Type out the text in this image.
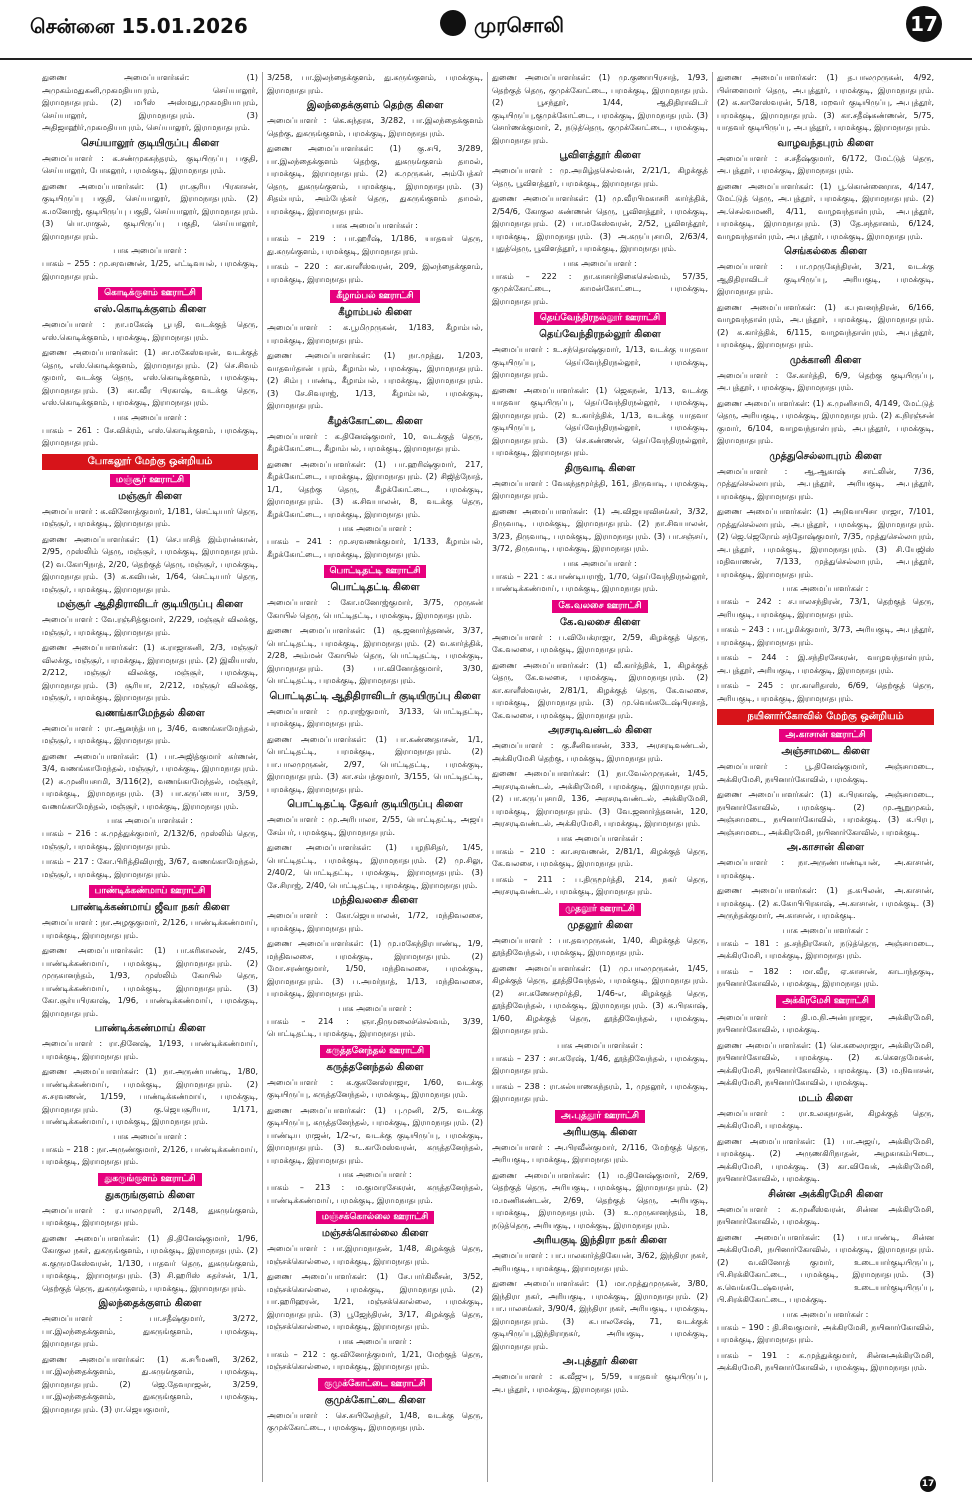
சென்னை 15.01.2026	முரசொலி	17

துணை அமைப்பாளர்கள்: (1) அமுகம்மதுகனி,முகமதியாபுரம், செய்யாலூர், இராமநாதபுரம். (2) மபீஸ் அஸ்மது,முகமதியாபுரம், செய்யாலூர், இராமநாதபுரம். (3) அதிஜாஹிர்,முகமதியாபுரம், செய்யாலூர், இராமநாதபுரம்.

செய்யாலூர் குடியிருப்பு கிளை

அமைப்பாளர் : க.சண்முகசுந்தரம், குடியிருப்பு பகுதி, செய்யாலூர், போகலூர், பரமக்குடி, இராமநாதபுரம்.

துணை அமைப்பாளர்கள்: (1) ரா.சூரிய பிரகாசன், குடியிருப்பு பகுதி, செய்யாலூர், இராமநாதபுரம். (2) க.மனோஜ், குடியிருப்பு பகுதி, செய்யாலூர், இராமநாதபுரம். (3) பொ.ராகுல், குடியிருப்பு பகுதி, செய்யாலூர், இராமநாதபுரம்.

பாக அமைப்பாளர் :

பாகம் – 255 : மு.சரவணன், 1/25, எட்டிவயல், பரமக்குடி, இராமநாதபுரம்.

கொடிக்குளம் ஊராட்சி
எஸ்.கொடிக்குளம் கிளை

அமைப்பாளர் : நா.மகேஷ் பூபதி, வடக்குத் தெரு, எஸ்.கொடிக்குளம், பரமக்குடி, இராமநாதபுரம்.

துணை அமைப்பாளர்கள்: (1) சா.மகேஸ்வரன், வடக்குத் தெரு, எஸ்.கொடிக்குளம், இராமநாதபுரம். (2) செ.சிவம் குமார், வடக்கு தெரு, எஸ்.கொடிக்குளம், பரமக்குடி, இராமநாதபுரம். (3) கா.வீர பிரகாஷ், வடக்கு தெரு, எஸ்.கொடிக்குளம், பரமக்குடி, இராமநாதபுரம்.

பாக அமைப்பாளர் :

பாகம் – 261 : சே.விக்ரம், எஸ்.கொடிக்குளம், பரமக்குடி, இராமநாதபுரம்.

போகலூர் மேற்கு ஒன்றியம்
மஞ்சூர் ஊராட்சி
மஞ்சூர் கிளை

அமைப்பாளர் : க.வினோத்குமார், 1/181, செட்டியார் தெரு, மஞ்சூர், பரமக்குடி, இராமநாதபுரம்.

துணை அமைப்பாளர்கள்: (1) செ.பாசித் இம்ரான்கான், 2/95, முஸ்லிம் தெரு, மஞ்சூர், பரமக்குடி, இராமநாதபுரம். (2) வ.கோபிநாத், 2/20, தெற்குத் தெரு, மஞ்சூர், பரமக்குடி, இராமநாதபுரம். (3) க.கவியன், 1/64, செட்டியார் தெரு, மஞ்சூர், பரமக்குடி, இராமநாதபுரம்.

மஞ்சூர் ஆதிதிராவிடர் குடியிருப்பு கிளை

அமைப்பாளர் : வே.ரஞ்சித்குமார், 2/229, மஞ்சூர் விலக்கு, மஞ்சூர், பரமக்குடி, இராமநாதபுரம்.

துணை அமைப்பாளர்கள்: (1) க.ராஜாகனி, 2/3, மஞ்சூர் விலக்கு, மஞ்சூர், பரமக்குடி, இராமநாதபுரம். (2) இலியாஸ், 2/212, மஞ்சூர் விலக்கு, மஞ்சூர், பரமக்குடி, இராமநாதபுரம். (3) சூரியா, 2/212, மஞ்சூர் விலக்கு, மஞ்சூர், பரமக்குடி, இராமநாதபுரம்.

வணங்காமேந்தல் கிளை

அமைப்பாளர் : ரா.ஆனந்த்பாபு, 3/46, வணங்காமேந்தல், மஞ்சூர், பரமக்குடி, இராமநாதபுரம்.

துணை அமைப்பாளர்கள்: (1) பா.அஜித்குமார் கர்ணன், 3/4, வணங்காமேந்தல், மஞ்சூர், பரமக்குடி, இராமநாதபுரம். (2) சு.முனியசாமி, 3/116(2), வணங்காமேந்தல், மஞ்சூர், பரமக்குடி, இராமநாதபுரம். (3) பா.கருப்பையா, 3/59, வணங்காமேந்தல், மஞ்சூர், பரமக்குடி, இராமநாதபுரம்.

பாக அமைப்பாளர்கள் :

பாகம் – 216 : க.முத்துக்குமார், 2/132/6, முஸ்லிம் தெரு, மஞ்சூர், பரமக்குடி, இராமநாதபுரம்.

பாகம் – 217 : கோ.பிரித்திவிராஜ், 3/67, வணங்காமேந்தல், மஞ்சூர், பரமக்குடி, இராமநாதபுரம்.

பாண்டிக்கண்மாய் ஊராட்சி
பாண்டிக்கண்மாய் ஜீவா நகர் கிளை

அமைப்பாளர் : நா.அழகுகுமார், 2/126, பாண்டிக்கண்மாய், பரமக்குடி, இராமநாதபுரம்.

துணை அமைப்பாளர்கள்: (1) பா.கரிகாலன், 2/45, பாண்டிக்கண்மாய், பரமக்குடி, இராமநாதபுரம். (2) முருகானந்தம், 1/93, முஸ்லிம் கோயில் தெரு, பாண்டிக்கண்மாய், பரமக்குடி, இராமநாதபுரம். (3) கோ.சூர்யபிரகாஷ், 1/96, பாண்டிக்கண்மாய், பரமக்குடி, இராமநாதபுரம்.

பாண்டிக்கண்மாய் கிளை

அமைப்பாளர் : ரா.தினேஷ், 1/193, பாண்டிக்கண்மாய், பரமக்குடி, இராமநாதபுரம்.

துணை அமைப்பாளர்கள்: (1) நா.அருண்பாண்டி, 1/80, பாண்டிக்கண்மாய், பரமக்குடி, இராமநாதபுரம். (2) சு.சரவணன், 1/159, பாண்டிக்கண்மாய், பரமக்குடி, இராமநாதபுரம். (3) கு.ஜெயசூரியா, 1/171, பாண்டிக்கண்மாய், பரமக்குடி, இராமநாதபுரம்.

பாக அமைப்பாளர் :

பாகம் – 218 : நா.அருண்குமார், 2/126, பாண்டிக்கண்மாய், பரமக்குடி, இராமநாதபுரம்.

துகருங்குளம் ஊராட்சி
துகருங்குளம் கிளை

அமைப்பாளர் : ர.பாலமுரளி, 2/148, துகருங்குளம், பரமக்குடி, இராமநாதபுரம்.

துணை அமைப்பாளர்கள்: (1) தி.தினேஷ்குமார், 1/96, கோகுல நகர், துகருங்குளம், பரமக்குடி, இராமநாதபுரம். (2) க.குருமகேஸ்வரன், 1/130, பாதவர் தெரு, துகருங்குளம், பரமக்குடி, இராமநாதபுரம். (3) சி.ஹரிஸ் சுதர்சன், 1/1, தெற்குத் தெரு, துகருங்குளம், பரமக்குடி, இராமநாதபுரம்.

இலந்தைக்குளம் கிளை

அமைப்பாளர் : பா.சதீஷ்குமார், 3/272, பா.இலந்தைக்குளம், துகருங்குளம், பரமக்குடி, இராமநாதபுரம்.

துணை அமைப்பாளர்கள்: (1) க.சபீமணி, 3/262, பா.இலந்தைக்குளம், து.கருங்குளம், பரமக்குடி, இராமநாதபுரம். (2) ஜெ.தேவராஜன், 3/259, பா.இலந்தைக்குளம், துகருங்குளம், பரமக்குடி, இராமநாதபுரம். (3) ரா.ஜெயகுமார்,

3/258, பா.இலந்தைக்குளம், து.கருங்குளம், பரமக்குடி, இராமநாதபுரம்.

இலந்தைக்குளம் தெற்கு கிளை

அமைப்பாளர் : கெ.சுந்தரக, 3/282, பா.இலந்தைக்குளம் தெற்கு, துகருங்குளம், பரமக்குடி, இராமநாதபுரம்.

துணை அமைப்பாளர்கள்: (1) கு.சபி, 3/289, பா.இலந்தைக்குளம் தெற்கு, துகருங்குளம் தாமல், பரமக்குடி, இராமநாதபுரம். (2) க.முருகன், அம்பேத்கர் தெரு, துகருங்குளம், பரமக்குடி, இராமநாதபுரம். (3) சிதம்பரம், அம்பேத்கர் தெரு, துகருங்குளம் தாமல், பரமக்குடி, இராமநாதபுரம்.

பாக அமைப்பாளர்கள் :

பாகம் – 219 : பா.ஹரீஷ், 1/186, யாதவர் தெரு, து.கருங்குளம், பரமக்குடி, இராமநாதபுரம்.

பாகம் – 220 : கா.காளீஸ்வரன், 209, இலந்தைக்குளம், பரமக்குடி, இராமநாதபுரம்.

கீழாம்பல் ஊராட்சி
கீழாம்பல் கிளை

அமைப்பாளர் : க.பூமிமுருகன், 1/183, கீழாம்பல், பரமக்குடி, இராமநாதபுரம்.

துணை அமைப்பாளர்கள்: (1) நா.முத்து, 1/203, வாதவர்தான் புரம், கீழாம்பல், பரமக்குடி, இராமநாதபுரம். (2) சிம்பு பாண்டி, கீழாம்பல், பரமக்குடி, இராமநாதபுரம். (3) சே.சிவராஜ், 1/13, கீழாம்பல், பரமக்குடி, இராமநாதபுரம்.

கீழக்கோட்டை கிளை

அமைப்பாளர் : க.தினேஷ்குமார், 10, வடக்குத் தெரு, கீழக்கோட்டை, கீழாம்பல், பரமக்குடி, இராமநாதபுரம்.

துணை அமைப்பாளர்கள்: (1) பா.ஹரிஷ்குமார், 217, கீழக்கோட்டை, பரமக்குடி, இராமநாதபுரம். (2) சிஜித்நோத், 1/1, தெற்கு தெரு, கீழக்கோட்டை, பரமக்குடி, இராமநாதபுரம். (3) க.சிவபாலன், 8, வடக்கு தெரு, கீழக்கோட்டை, பரமக்குடி, இராமநாதபுரம்.

பாக அமைப்பாளர் :

பாகம் – 241 : மு.சரவணக்குமார், 1/133, கீழாம்பல், கீழக்கோட்டை, பரமக்குடி, இராமநாதபுரம்.

பொட்டிதட்டி ஊராட்சி
பொட்டிதட்டி கிளை

அமைப்பாளர் : கோ.மனோஜ்குமார், 3/75, முருகன் கோயில் தெரு, பொட்டிதட்டி, பரமக்குடி, இராமநாதபுரம்.

துணை அமைப்பாளர்கள்: (1) சூ.ஜனார்த்தனன், 3/37, பொட்டிதட்டி, பரமக்குடி, இராமநாதபுரம். (2) வ.கார்த்திக், 2/28, அம்மன் கோயில் தெரு, பொட்டிதட்டி, பரமக்குடி, இராமநாதபுரம். (3) பா.வினோத்குமார், 3/30, பொட்டிதட்டி, பரமக்குடி, இராமநாதபுரம்.

பொட்டிதட்டி ஆதிதிராவிடர் குடியிருப்பு கிளை

அமைப்பாளர் : மு.ராஜ்குமார், 3/133, பொட்டிதட்டி, பரமக்குடி, இராமநாதபுரம்.

துணை அமைப்பாளர்கள்: (1) பா.கண்ணதாசன், 1/1, பொட்டிதட்டி, பரமக்குடி, இராமநாதபுரம். (2) பா.பாலமுருகன், 2/97, பொட்டிதட்டி, பரமக்குடி, இராமநாதபுரம். (3) கா.சம்பத்குமார், 3/155, பொட்டிதட்டி, பரமக்குடி, இராமநாதபுரம்.

பொட்டிதட்டி தேவர் குடியிருப்பு கிளை

அமைப்பாளர் : மு.அரிபாலா, 2/55, பொட்டிதட்டி, அஜய் சேம்பர், பரமக்குடி, இராமநாதபுரம்.

துணை அமைப்பாளர்கள்: (1) பழநிசிதர், 1/45, பொட்டிதட்டி, பரமக்குடி, இராமநாதபுரம். (2) மு.சிலு, 2/40/2, பொட்டிதட்டி, பரமக்குடி, இராமநாதபுரம். (3) சே.சிராஜ், 2/40, பொட்டிதட்டி, பரமக்குடி, இராமநாதபுரம்.

மந்திவலசை கிளை

அமைப்பாளர் : கோ.ஜெயபாலன், 1/72, மந்திவலசை, பரமக்குடி, இராமநாதபுரம்.

துணை அமைப்பாளர்கள்: (1) மு.மகேந்திரபாண்டி, 1/9, மந்திவலசை, பரமக்குடி, இராமநாதபுரம். (2) மோ.சரண்குமார், 1/50, மந்திவலசை, பரமக்குடி, இராமநாதபுரம். (3) ப.அமர்நாத், 1/13, மந்திவலசை, பரமக்குடி, இராமநாதபுரம்.

பாக அமைப்பாளர் :

பாகம் – 214 : ஞா.திருமலைச்செல்வம், 3/39, பொட்டிதட்டி, பரமக்குடி, இராமநாதபுரம்.

கருத்தனேந்தல் ஊராட்சி
கருத்தனேந்தல் கிளை

அமைப்பாளர் : க.குகனேஸ்ராஜா, 1/60, வடக்கு குடியிருப்பு, கருத்தனேந்தல், பரமக்குடி, இராமநாதபுரம்.

துணை அமைப்பாளர்கள்: (1) பு.முனி, 2/5, வடக்கு குடியிருப்பு, கருத்தனேந்தல், பரமக்குடி, இராமநாதபுரம். (2) பாண்டிய ராஜன், 1/2-எ, வடக்கு குடியிருப்பு, பரமக்குடி, இராமநாதபுரம். (3) உ.காமேஸ்வரன், கருத்தனேந்தல், பரமக்குடி, இராமநாதபுரம்.

பாக அமைப்பாளர் :

பாகம் – 213 : ம.குமாரசேகரன், கருத்தனேந்தல், பாண்டிக்கண்மாய், பரமக்குடி, இராமநாதபுரம்.

மஞ்சக்கொல்லை ஊராட்சி
மஞ்சக்கொல்லை கிளை

அமைப்பாளர் : பா.இராமநாதன், 1/48, கிழக்குத் தெரு, மஞ்சக்கொல்லை, பரமக்குடி, இராமநாதபுரம்.

துணை அமைப்பாளர்கள்: (1) சே.பார்கிலீசன், 3/52, மஞ்சக்கொல்லை, பரமக்குடி, இராமநாதபுரம். (2) பா.ஹரிஹரன், 1/21, மஞ்சக்கொல்லை, பரமக்குடி, இராமநாதபுரம். (3) பூஜேந்திரன், 3/17, கிழக்குத் தெரு, மஞ்சக்கொல்லை, பரமக்குடி, இராமநாதபுரம்.

பாக அமைப்பாளர் :

பாகம் – 212 : கு.வினோத்குமார், 1/21, மேற்குத் தெரு, மஞ்சக்கொல்லை, பரமக்குடி, இராமநாதபுரம்.

குமுக்கோட்டை ஊராட்சி
குமுக்கோட்டை கிளை

அமைப்பாளர் : செ.சுயிலேந்தர், 1/48, வடக்கு தெரு, குமுக்கோட்டை, பரமக்குடி, இராமநாதபுரம்.

துணை அமைப்பாளர்கள்: (1) மு.குணாபிரசாத், 1/93, தெற்குத் தெரு, குமுக்கோட்டை, பரமக்குடி, இராமநாதபுரம். (2) பூசந்தூர், 1/44, ஆதிதிராவிடர் குடியிருப்பு,குமுக்கோட்டை, பரமக்குடி, இராமநாதபுரம். (3) சொர்ணக்குமார், 2, நடுத்தெரு, குமுக்கோட்டை, பரமக்குடி, இராமநாதபுரம்.

பூவிளத்தூர் கிளை

அமைப்பாளர் : மு.அமிழ்தசெல்வன், 2/21/1, கிழக்குத் தெரு, பூவிளத்தூர், பரமக்குடி, இராமநாதபுரம்.

துணை அமைப்பாளர்கள்: (1) மு.வீரபிமகாசரி கார்த்திக், 2/54/6, கோகுல கண்ணன் தெரு, பூவிளத்தூர், பரமக்குடி, இராமநாதபுரம். (2) பா.மகேஸ்வரன், 2/52, பூவிளத்தூர், பரமக்குடி, இராமநாதபுரம். (3) அ.கருப்புசாமி, 2/63/4, புதுத்தெரு, பூவிளத்தூர், பரமக்குடி, இராமநாதபுரம்.

பாக அமைப்பாளர் :

பாகம் – 222 : நா.காசார்திகைசெல்வம், 57/35, குமுக்கோட்டை, காமன்கோட்டை, பரமக்குடி, இராமநாதபுரம்.

தெய்வேந்திரநல்லூர் ஊராட்சி
தெய்வேந்திரநல்லூர் கிளை

அமைப்பாளர் : உ.சந்தொஷ்குமார், 1/13, வடக்கு யாதவா குடியிருப்பு, தெய்வேந்திரநல்லூர், பரமக்குடி, இராமநாதபுரம்.

துணை அமைப்பாளர்கள்: (1) ஜெகநன், 1/13, வடக்கு யாதவா குடியிருப்பு, தெய்வேந்திரநல்லூர், பரமக்குடி, இராமநாதபுரம். (2) உ.கார்த்திக், 1/13, வடக்கு யாதவா குடியிருப்பு, தெய்வேந்திரநல்லூர், பரமக்குடி, இராமநாதபுரம். (3) செ.கண்ணன், தெய்வேந்திரநல்லூர், பரமக்குடி, இராமநாதபுரம்.

திருவாடி கிளை

அமைப்பாளர் : வேகந்தமூர்த்தி, 161, திருவாடி, பரமக்குடி, இராமநாதபுரம்.

துணை அமைப்பாளர்கள்: (1) அ.விஜயரவிசங்கர், 3/32, திருவாடி, பரமக்குடி, இராமநாதபுரம். (2) நா.சிவபாலன், 3/23, திருவாடி, பரமக்குடி, இராமநாதபுரம். (3) பா.சஞ்சய், 3/72, திருவாடி, பரமக்குடி, இராமநாதபுரம்.

பாக அமைப்பாளர் :

பாகம் – 221 : க.பாண்டியராஜ், 1/70, தெய்வேந்திரநல்லூர், பாண்டிக்கண்மாய், பரமக்குடி, இராமநாதபுரம்.

கே.வலசை ஊராட்சி
கே.வலசை கிளை

அமைப்பாளர் : ப.வியேக்ராஜா, 2/59, கிழக்குத் தெரு, கே.வலசை, பரமக்குடி, இராமநாதபுரம்.

துணை அமைப்பாளர்கள்: (1) வீ.கார்த்திக், 1, கிழக்குத் தெரு, கே.வலசை, பரமக்குடி, இராமநாதபுரம். (2) கா.காளீஸ்வரன், 2/81/1, கிழக்குத் தெரு, கே.வலசை, பரமக்குடி, இராமநாதபுரம். (3) மு.வெங்கடேஷ்பிரசாத், கே.வலசை, பரமக்குடி, இராமநாதபுரம்.

அரசரடிவண்டல் கிளை

அமைப்பாளர் : கு.சீனிவாசன், 333, அரசரடிவண்டல், அக்கிரமேசி தெற்கு, பரமக்குடி, இராமநாதபுரம்.

துணை அமைப்பாளர்கள்: (1) நா.வேல்முருகன், 1/45, அரசரடிவண்டல், அக்கிரமேசி, பரமக்குடி, இராமநாதபுரம். (2) பா.கருப்புசாமி, 136, அரசரடிவண்டல், அக்கிரமேசி, பரமக்குடி, இராமநாதபுரம். (3) வே.ஜனார்த்தனன், 120, அரசரடிவண்டல், அக்கிரமேசி, பரமக்குடி, இராமநாதபுரம்.

பாக அமைப்பாளர்கள் :

பாகம் – 210 : கா.சரவணன், 2/81/1, கிழக்குத் தெரு, கே.வலசை, பரமக்குடி, இராமநாதபுரம்.

பாகம் – 211 : ப.திருமூர்த்தி, 214, நகர் தெரு, அரசரடிவண்டல், பரமக்குடி, இராமநாதபுரம்.

முதலூர் ஊராட்சி
முதலூர் கிளை

அமைப்பாளர் : பா.தவமுருகன், 1/40, கிழக்குத் தெரு, தூத்திவேந்தல், பரமக்குடி, இராமநாதபுரம்.

துணை அமைப்பாளர்கள்: (1) மு.பாலமுருகன், 1/45, கிழக்குத் தெரு, தூத்திவேந்தல், பரமக்குடி, இராமநாதபுரம். (2) சா.கணேசமூர்த்தி, 1/46-எ, கிழக்குத் தெரு, தூத்திவேந்தல், பரமக்குடி, இராமநாதபுரம். (3) க.பிரகாஷ், 1/60, கிழக்குத் தெரு, தூத்திவேந்தல், பரமக்குடி, இராமநாதபுரம்.

பாக அமைப்பாளர்கள் :

பாகம் – 237 : சா.கரேஷ், 1/46, தூத்திவேந்தல், பரமக்குடி, இராமநாதபுரம்.

பாகம் – 238 : ரா.கல்யாணசுந்தரம், 1, முதலூர், பரமக்குடி, இராமநாதபுரம்.

அ.புத்தூர் ஊராட்சி
அரியகுடி கிளை

அமைப்பாளர் : அ.பிரவீன்குமார், 2/116, மேற்குத் தெரு, அரியகுடி, பரமக்குடி, இராமநாதபுரம்.

துணை அமைப்பாளர்கள்: (1) ம.தினேஷ்குமார், 2/69, தெற்குத் தெரு, அரியகுடி, பரமக்குடி, இராமநாதபுரம். (2) ம.மணிகண்டன், 2/69, தெற்குத் தெரு, அரியகுடி, பரமக்குடி, இராமநாதபுரம். (3) உ.முருகானந்தம், 18, நடுத்தெரு, அரியகுடி, பரமக்குடி, இராமநாதபுரம்.

அரியகுடி இந்திரா நகர் கிளை

அமைப்பாளர் : பா.பாலகார்த்திகேயன், 3/62, இந்திரா நகர், அரியகுடி, பரமக்குடி, இராமநாதபுரம்.

துணை அமைப்பாளர்கள்: (1) மா.முத்துமுருகன், 3/80, இந்திரா நகர், அரியகுடி, பரமக்குடி, இராமநாதபுரம். (2) பா.பாலசங்கர், 3/90/4, இந்திரா நகர், அரியகுடி, பரமக்குடி, இராமநாதபுரம். (3) க.பாலசேஷ், 71, வடக்குக் குடியிருப்பு,இந்திராநகர், அரியகுடி, பரமக்குடி, இராமநாதபுரம்.

அ.புத்தூர் கிளை

அமைப்பாளர் : க.வீஜுபு, 5/59, யாதவர் குடியிருப்பு, அ.புத்தூர், பரமக்குடி, இராமநாதபுரம்.

துணை அமைப்பாளர்கள்: (1) த.பாலமுருகன், 4/92, பிள்ளைமார் தெரு, அ.புத்தூர், பரமக்குடி, இராமநாதபுரம். (2) க.காளேஸ்வரன், 5/18, மறவர் குடியிருப்பு, அ.புத்தூர், பரமக்குடி, இராமநாதபுரம். (3) கா.சதீஷ்கண்ணன், 5/75, யாதவர் குடியிருப்பு, அ.புத்தூர், பரமக்குடி, இராமநாதபுரம்.

வாழவந்தபுரம் கிளை

அமைப்பாளர் : ச.சதீஷ்குமார், 6/172, மேட்டுத் தெரு, அ.புத்தூர், பரமக்குடி, இராமநாதபுரம்.

துணை அமைப்பாளர்கள்: (1) பூ.கொன்னைராசு, 4/147, மேட்டுத் தெரு, அ.புத்தூர், பரமக்குடி, இராமநாதபுரம். (2) அ.செல்வமணி, 4/11, வாழவந்தாள்புரம், அ.புத்தூர், பரமக்குடி, இராமநாதபுரம். (3) தே.சந்தானம், 6/124, வாழவந்தாள்புரம், அ.புத்தூர், பரமக்குடி, இராமநாதபுரம்.

செங்கல்கை கிளை

அமைப்பாளர் : பா.முருகேந்திரன், 3/21, வடக்கு ஆதிதிராவிடர் குடியிருப்பு, அரியகுடி, பரமக்குடி, இராமநாதபுரம்.

துணை அமைப்பாளர்கள்: (1) க.புவனந்திரன், 6/166, வாழவந்தாள்புரம், அ.புத்தூர், பரமக்குடி, இராமநாதபுரம். (2) க.கார்த்திக், 6/115, வாழவந்தாள்புரம், அ.புத்தூர், பரமக்குடி, இராமநாதபுரம்.

முக்கானி கிளை

அமைப்பாளர் : சே.கார்த்தி, 6/9, தெற்கு குடியிருப்பு, அ.புத்தூர், பரமக்குடி, இராமநாதபுரம்.

துணை அமைப்பாளர்கள்: (1) க.முனிசாமி, 4/149, மேட்டுத் தெரு, அரியகுடி, பரமக்குடி, இராமநாதபுரம். (2) க.நிரஞ்சன் குமார், 6/104, வாழவந்தாள்புரம், அ.புத்தூர், பரமக்குடி, இராமநாதபுரம்.

முத்துசெல்லாபுரம் கிளை

அமைப்பாளர் : ஆ.ஆகாஷ் சாட்லின், 7/36, முத்துசெல்லாபுரம், அ.புத்தூர், அரியகுடி, அ.புத்தூர், பரமக்குடி, இராமநாதபுரம்.

துணை அமைப்பாளர்கள்: (1) அறிவாயிசா ராஜா, 7/101, முத்துசெல்லாபுரம், அ.புத்தூர், பரமக்குடி, இராமநாதபுரம். (2) ஜெ.ஜெரோம் சந்தோஷ்குமார், 7/35, முத்துசெல்லாபுரம், அ.புத்தூர், பரமக்குடி, இராமநாதபுரம். (3) சி.யேஜிஸ் மதிவாணன், 7/133, முத்துசெல்லாபுரம், அ.புத்தூர், பரமக்குடி, இராமநாதபுரம்.

பாக அமைப்பாளர்கள் :

பாகம் – 242 : ச.பாலசந்திரன், 73/1, தெற்குத் தெரு, அரியகுடி, பரமக்குடி, இராமநாதபுரம்.

பாகம் – 243 : பா.பூமிக்குமார், 3/73, அரியகுடி, அ.புத்தூர், பரமக்குடி, இராமநாதபுரம்.

பாகம் – 244 : இ.சந்திரசேகரன், வாழவந்தாள்புரம், அ.புத்தூர், அரியகுடி, பரமக்குடி, இராமநாதபுரம்.

பாகம் – 245 : ரா.காளிதாஸ், 6/69, தெற்குத் தெரு, அரியகுடி, பரமக்குடி, இராமநாதபுரம்.

நயினார்கோவில் மேற்கு ஒன்றியம்
அ.காசான் ஊராட்சி
அஞ்சாமடை கிளை

அமைப்பாளர் : பூ.தினேஷ்குமார், அஞ்சாமடை, அக்கிரமேசி, நயினார்கோவில், பரமக்குடி.

துணை அமைப்பாளர்கள்: (1) க.பிரகாஷ், அஞ்சாமடை, நயினார்கோவில், பரமக்குடி. (2) மு.ஆறுமுகம், அஞ்சாமடை, நயினார்கோவில், பரமக்குடி. (3) க.பிரபு, அஞ்சாமடை, அக்கிரமேசி, நயினார்கோவில், பரமக்குடி.

அ.காசான் கிளை

அமைப்பாளர் : நா.அருண்பாண்டியன், அ.காசான், பரமக்குடி.

துணை அமைப்பாளர்கள்: (1) த.கபிலன், அ.காசான், பரமக்குடி. (2) க.கோபிபிரகாஷ், அ.காசான், பரமக்குடி. (3) அருந்தக்குமார், அ.காசான், பரமக்குடி.

பாக அமைப்பாளர்கள் :

பாகம் – 181 : த.சந்திரசேகர், நடுத்தெரு, அஞ்சாமடை, அக்கிரமேசி, பரமக்குடி, இராமநாதபுரம்.

பாகம் – 182 : மா.வீர, ஏ.காசான், காடாந்தகுடி, நயினார்கோவில், பரமக்குடி, இராமநாதபுரம்.

அக்கிரமேசி ஊராட்சி

அமைப்பாளர் : தி.ம.நி.அன்புராஜா, அக்கிரமேசி, நயினார்கோவில், பரமக்குடி.

துணை அமைப்பாளர்கள்: (1) செ.கலைராஜா, அக்கிரமேசி, நயினார்கோவில், பரமக்குடி. (2) க.கெளதமேசுன், அக்கிரமேசி, நயினார்கோவில், பரமக்குடி. (3) ம.நிவாசன், அக்கிரமேசி, நயினார்கோவில், பரமக்குடி.

மடம் கிளை

அமைப்பாளர் : ரா.உலகநாதன், கிழக்குத் தெரு, அக்கிரமேசி, பரமக்குடி.

துணை அமைப்பாளர்கள்: (1) பா.அஜய், அக்கிரமேசி, பரமக்குடி. (2) அருணகிரிநாதன், அழகாகம்பிடை, அக்கிரமேசி, பரமக்குடி. (3) கா.விவேக், அக்கிரமேசி, நயினார்கோவில், பரமக்குடி.

சின்ன அக்கிரமேசி கிளை

அமைப்பாளர் : க.முனீஸ்வரன், சின்ன அக்கிரமேசி, நயினார்கோவில், பரமக்குடி.

துணை அமைப்பாளர்கள்: (1) பா.பாண்டி, சின்ன அக்கிரமேசி, நயினார்கோவில், பரமக்குடி, இராமநாதபுரம். (2) வ.வினோத் குமார், உடையார்குடியிருப்பு, பி.சிரக்கிகோட்டை, பரமக்குடி, இராமநாதபுரம். (3) சு.வெங்கடேஷ்வரன், உடையார்குடியிருப்பு, பி.சிரக்கிகோட்டை, பரமக்குடி.

பாக அமைப்பாளர்கள் :

பாகம் – 190 : தி.சிவகுமார், அக்கிரமேசி, நயினார்கோவில், பரமக்குடி, இராமநாதபுரம்.

பாகம் – 191 : க.முத்துக்குமார், சின்னஅக்கிரமேசி, அக்கிரமேசி, நயினார்கோவில், பரமக்குடி, இராமநாதபுரம்.

17
